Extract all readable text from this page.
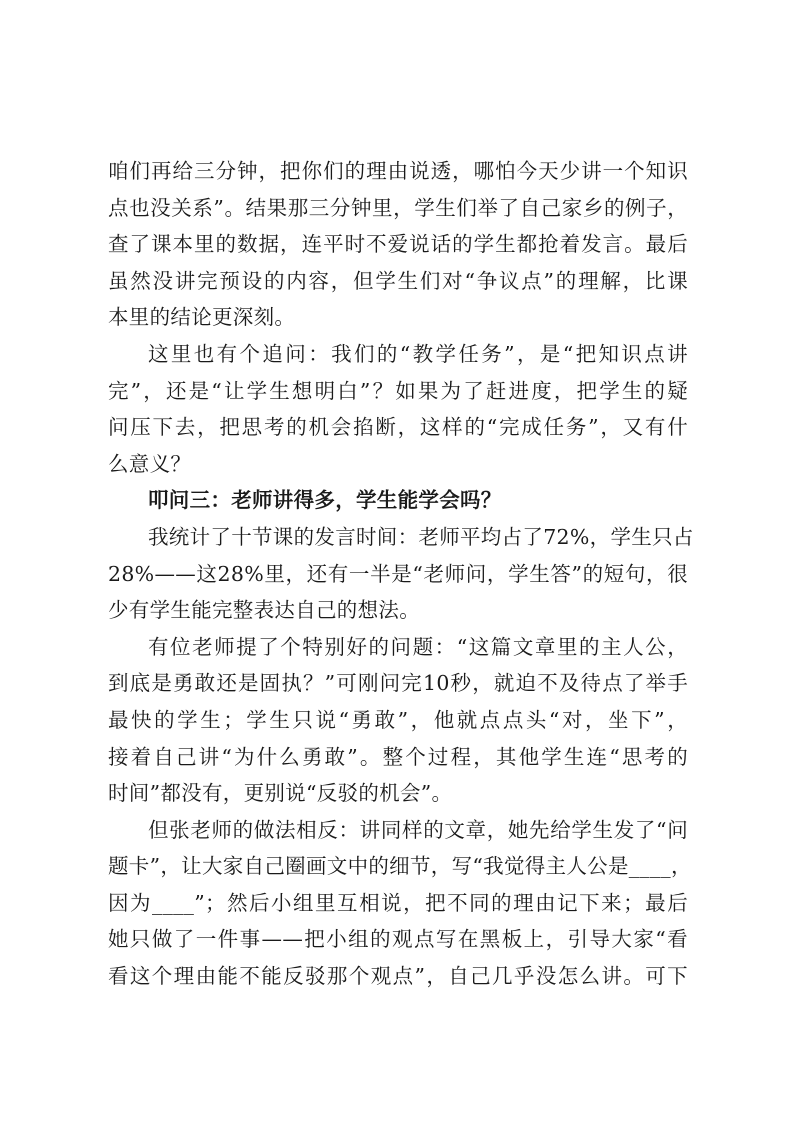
咱们再给三分钟，把你们的理由说透，哪怕今天少讲一个知识
点也没关系”。结果那三分钟里，学生们举了自己家乡的例子，
查了课本里的数据，连平时不爱说话的学生都抢着发言。最后
虽然没讲完预设的内容，但学生们对“争议点”的理解，比课
本里的结论更深刻。
这里也有个追问：我们的“教学任务”，是“把知识点讲
完”，还是“让学生想明白”？如果为了赶进度，把学生的疑
问压下去，把思考的机会掐断，这样的“完成任务”，又有什
么意义？
叩问三：老师讲得多，学生能学会吗？
我统计了十节课的发言时间：老师平均占了72%，学生只占
28%——这28%里，还有一半是“老师问，学生答”的短句，很
少有学生能完整表达自己的想法。
有位老师提了个特别好的问题：“这篇文章里的主人公，
到底是勇敢还是固执？”可刚问完10秒，就迫不及待点了举手
最快的学生；学生只说“勇敢”，他就点点头“对，坐下”，
接着自己讲“为什么勇敢”。整个过程，其他学生连“思考的
时间”都没有，更别说“反驳的机会”。
但张老师的做法相反：讲同样的文章，她先给学生发了“问
题卡”，让大家自己圈画文中的细节，写“我觉得主人公是____，
因为____”；然后小组里互相说，把不同的理由记下来；最后
她只做了一件事——把小组的观点写在黑板上，引导大家“看
看这个理由能不能反驳那个观点”，自己几乎没怎么讲。可下
